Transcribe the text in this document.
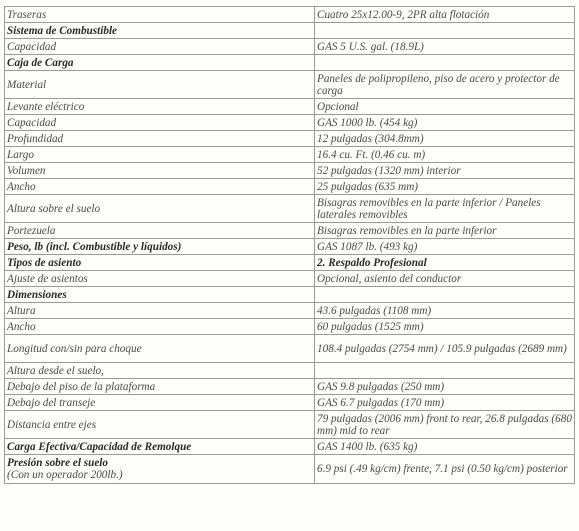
Traseras	Cuatro 25x12.00-9, 2PR alta flotación
Sistema de Combustible	
Capacidad	GAS 5 U.S. gal. (18.9L)
Caja de Carga	
Material	Paneles de polipropileno, piso de acero y protector de carga
Levante eléctrico	Opcional
Capacidad	GAS 1000 lb. (454 kg)
Profundidad	12 pulgadas (304.8mm)
Largo	16.4 cu. Ft. (0.46 cu. m)
Volumen	52 pulgadas (1320 mm) interior
Ancho	25 pulgadas (635 mm)
Altura sobre el suelo	Bisagras removibles en la parte inferior / Paneles laterales removibles
Portezuela	Bisagras removibles en la parte inferior
Peso, lb (incl. Combustible y líquidos)	GAS 1087 lb. (493 kg)
Tipos de asiento	2. Respaldo Profesional
Ajuste de asientos	Opcional, asiento del conductor
Dimensiones	
Altura	43.6 pulgadas (1108 mm)
Ancho	60 pulgadas (1525 mm)
Longitud con/sin para choque	108.4 pulgadas (2754 mm) / 105.9 pulgadas (2689 mm)
Altura desde el suelo,	
Debajo del piso de la plataforma	GAS 9.8 pulgadas (250 mm)
Debajo del transeje	GAS 6.7 pulgadas (170 mm)
Distancia entre ejes	79 pulgadas (2006 mm) front to rear, 26.8 pulgadas (680 mm) mid to rear
Carga Efectiva/Capacidad de Remolque	GAS 1400 lb. (635 kg)
Presión sobre el suelo
(Con un operador 200lb.)	6.9 psi (.49 kg/cm) frente, 7.1 psi (0.50 kg/cm) posterior
